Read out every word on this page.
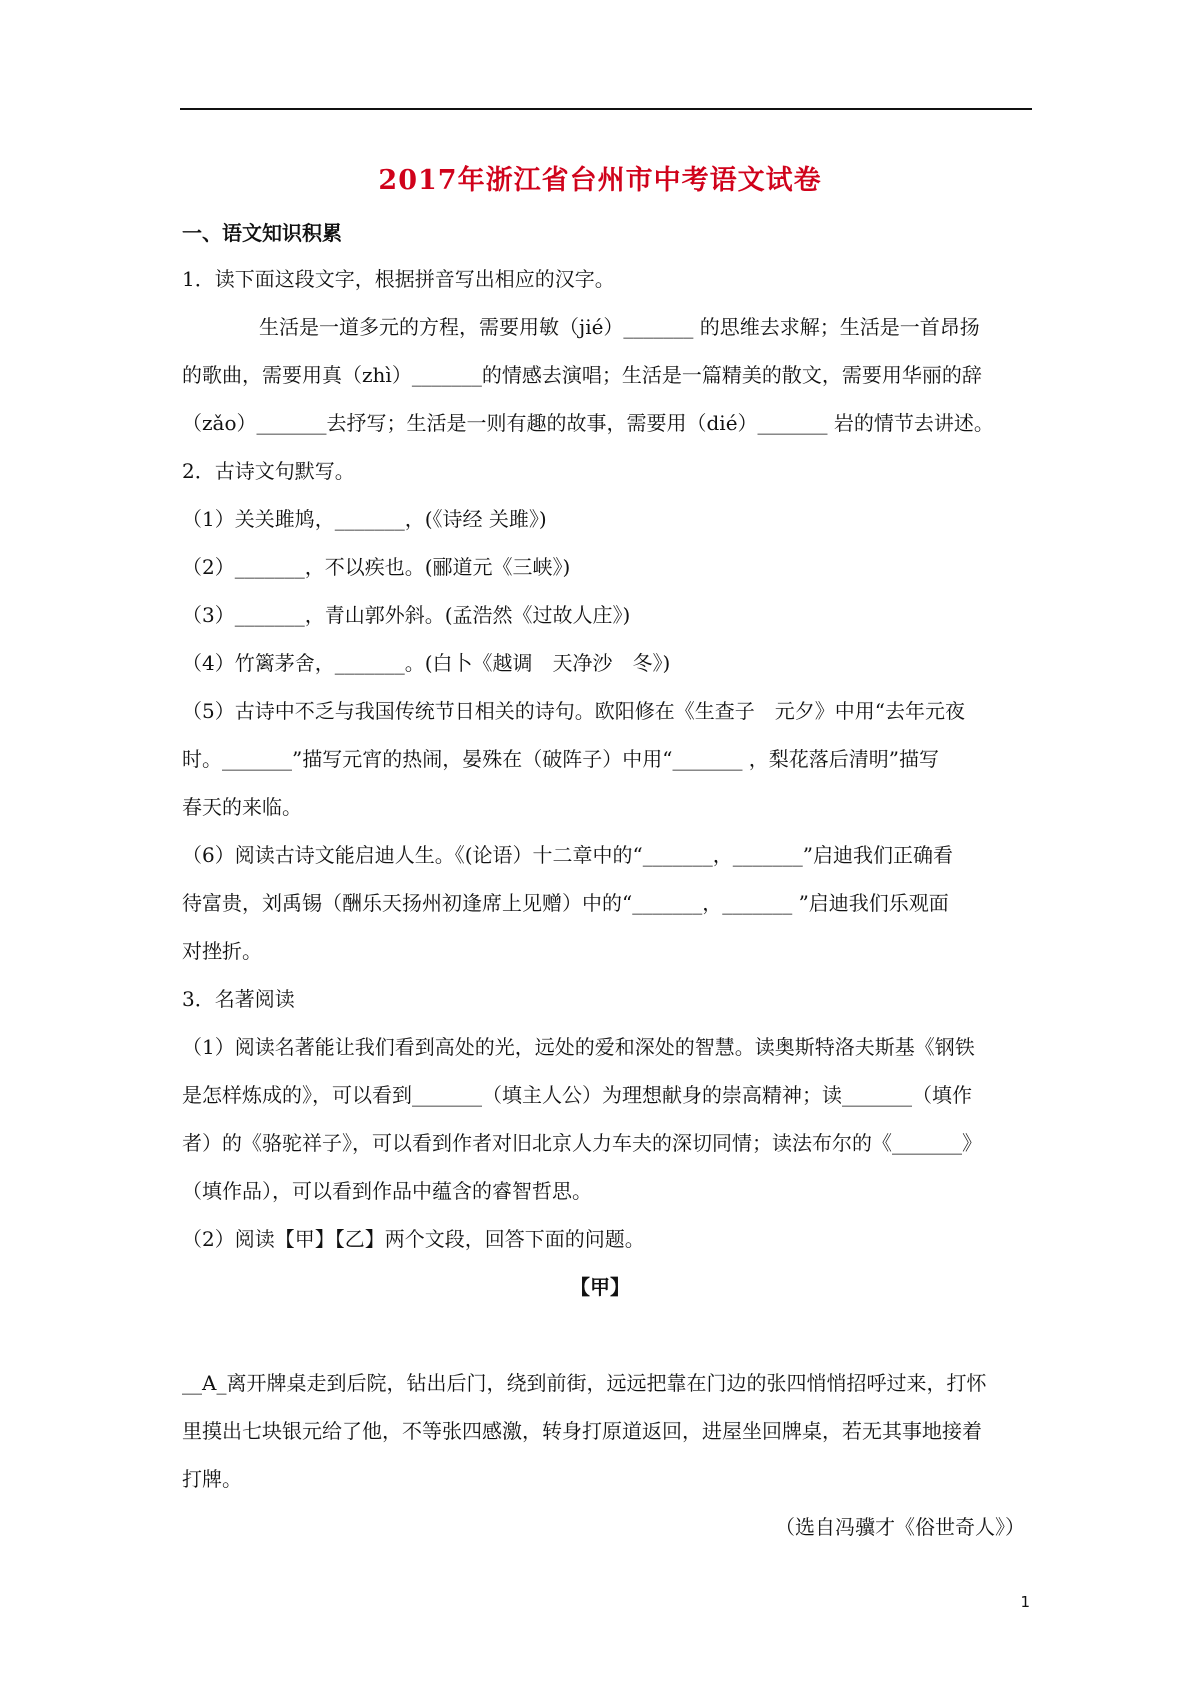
2017年浙江省台州市中考语文试卷
一、语文知识积累
1．读下面这段文字，根据拼音写出相应的汉字。
生活是一道多元的方程，需要用敏（jié）_______ 的思维去求解；生活是一首昂扬
的歌曲，需要用真（zhì）_______的情感去演唱；生活是一篇精美的散文，需要用华丽的辞
（zǎo）_______去抒写；生活是一则有趣的故事，需要用（dié）_______ 岩的情节去讲述。
2．古诗文句默写。
（1）关关雎鸠，_______，(《诗经 关雎》)
（2）_______，不以疾也。(郦道元《三峡》)
（3）_______，青山郭外斜。(孟浩然《过故人庄》)
（4）竹篱茅舍，_______。(白卜《越调　天净沙　冬》)
（5）古诗中不乏与我国传统节日相关的诗句。欧阳修在《生查子　元夕》中用“去年元夜
时。_______”描写元宵的热闹，晏殊在（破阵子）中用“_______ ，梨花落后清明”描写
春天的来临。
（6）阅读古诗文能启迪人生。《(论语）十二章中的“_______，_______”启迪我们正确看
待富贵，刘禹锡（酬乐天扬州初逢席上见赠）中的“_______，_______ ”启迪我们乐观面
对挫折。
3．名著阅读
（1）阅读名著能让我们看到高处的光，远处的爱和深处的智慧。读奥斯特洛夫斯基《钢铁
是怎样炼成的》，可以看到_______（填主人公）为理想献身的崇高精神；读_______（填作
者）的《骆驼祥子》，可以看到作者对旧北京人力车夫的深切同情；读法布尔的《_______》
（填作品），可以看到作品中蕴含的睿智哲思。
（2）阅读【甲】【乙】两个文段，回答下面的问题。
【甲】
__A_离开牌桌走到后院，钻出后门，绕到前街，远远把靠在门边的张四悄悄招呼过来，打怀
里摸出七块银元给了他，不等张四感激，转身打原道返回，进屋坐回牌桌，若无其事地接着
打牌。
（选自冯骥才《俗世奇人》）
1
